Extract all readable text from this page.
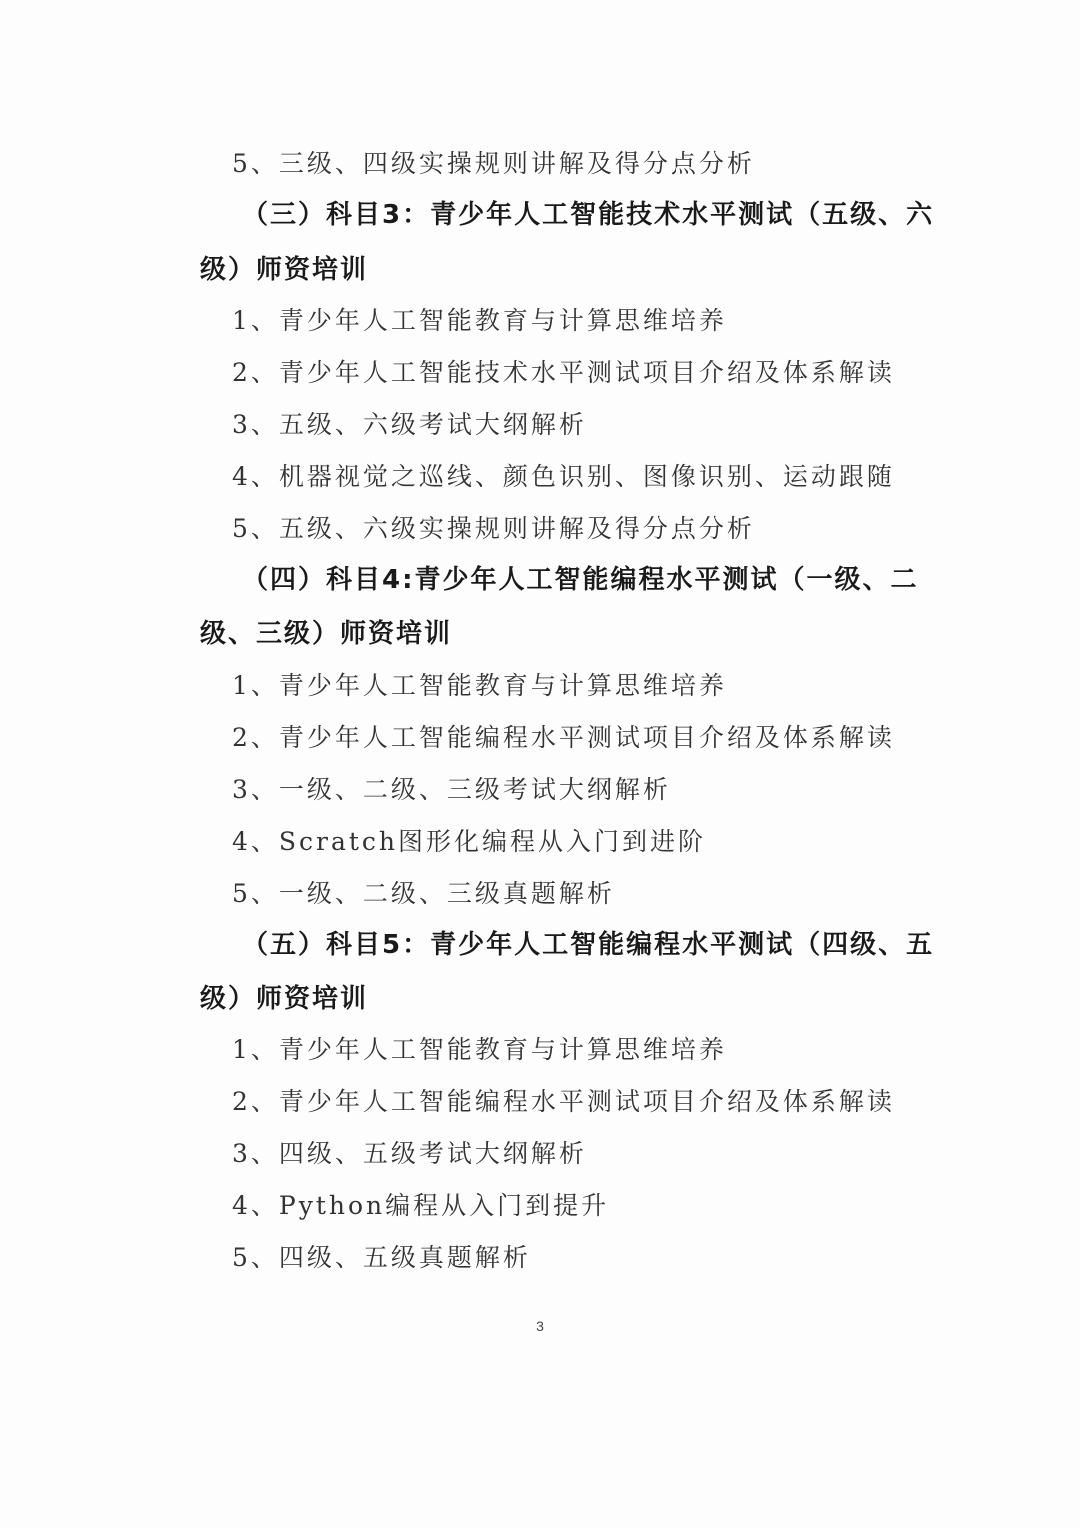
5、三级、四级实操规则讲解及得分点分析
（三）科目3：青少年人工智能技术水平测试（五级、六
级）师资培训
1、青少年人工智能教育与计算思维培养
2、青少年人工智能技术水平测试项目介绍及体系解读
3、五级、六级考试大纲解析
4、机器视觉之巡线、颜色识别、图像识别、运动跟随
5、五级、六级实操规则讲解及得分点分析
（四）科目4:青少年人工智能编程水平测试（一级、二
级、三级）师资培训
1、青少年人工智能教育与计算思维培养
2、青少年人工智能编程水平测试项目介绍及体系解读
3、一级、二级、三级考试大纲解析
4、Scratch图形化编程从入门到进阶
5、一级、二级、三级真题解析
（五）科目5：青少年人工智能编程水平测试（四级、五
级）师资培训
1、青少年人工智能教育与计算思维培养
2、青少年人工智能编程水平测试项目介绍及体系解读
3、四级、五级考试大纲解析
4、Python编程从入门到提升
5、四级、五级真题解析
3
